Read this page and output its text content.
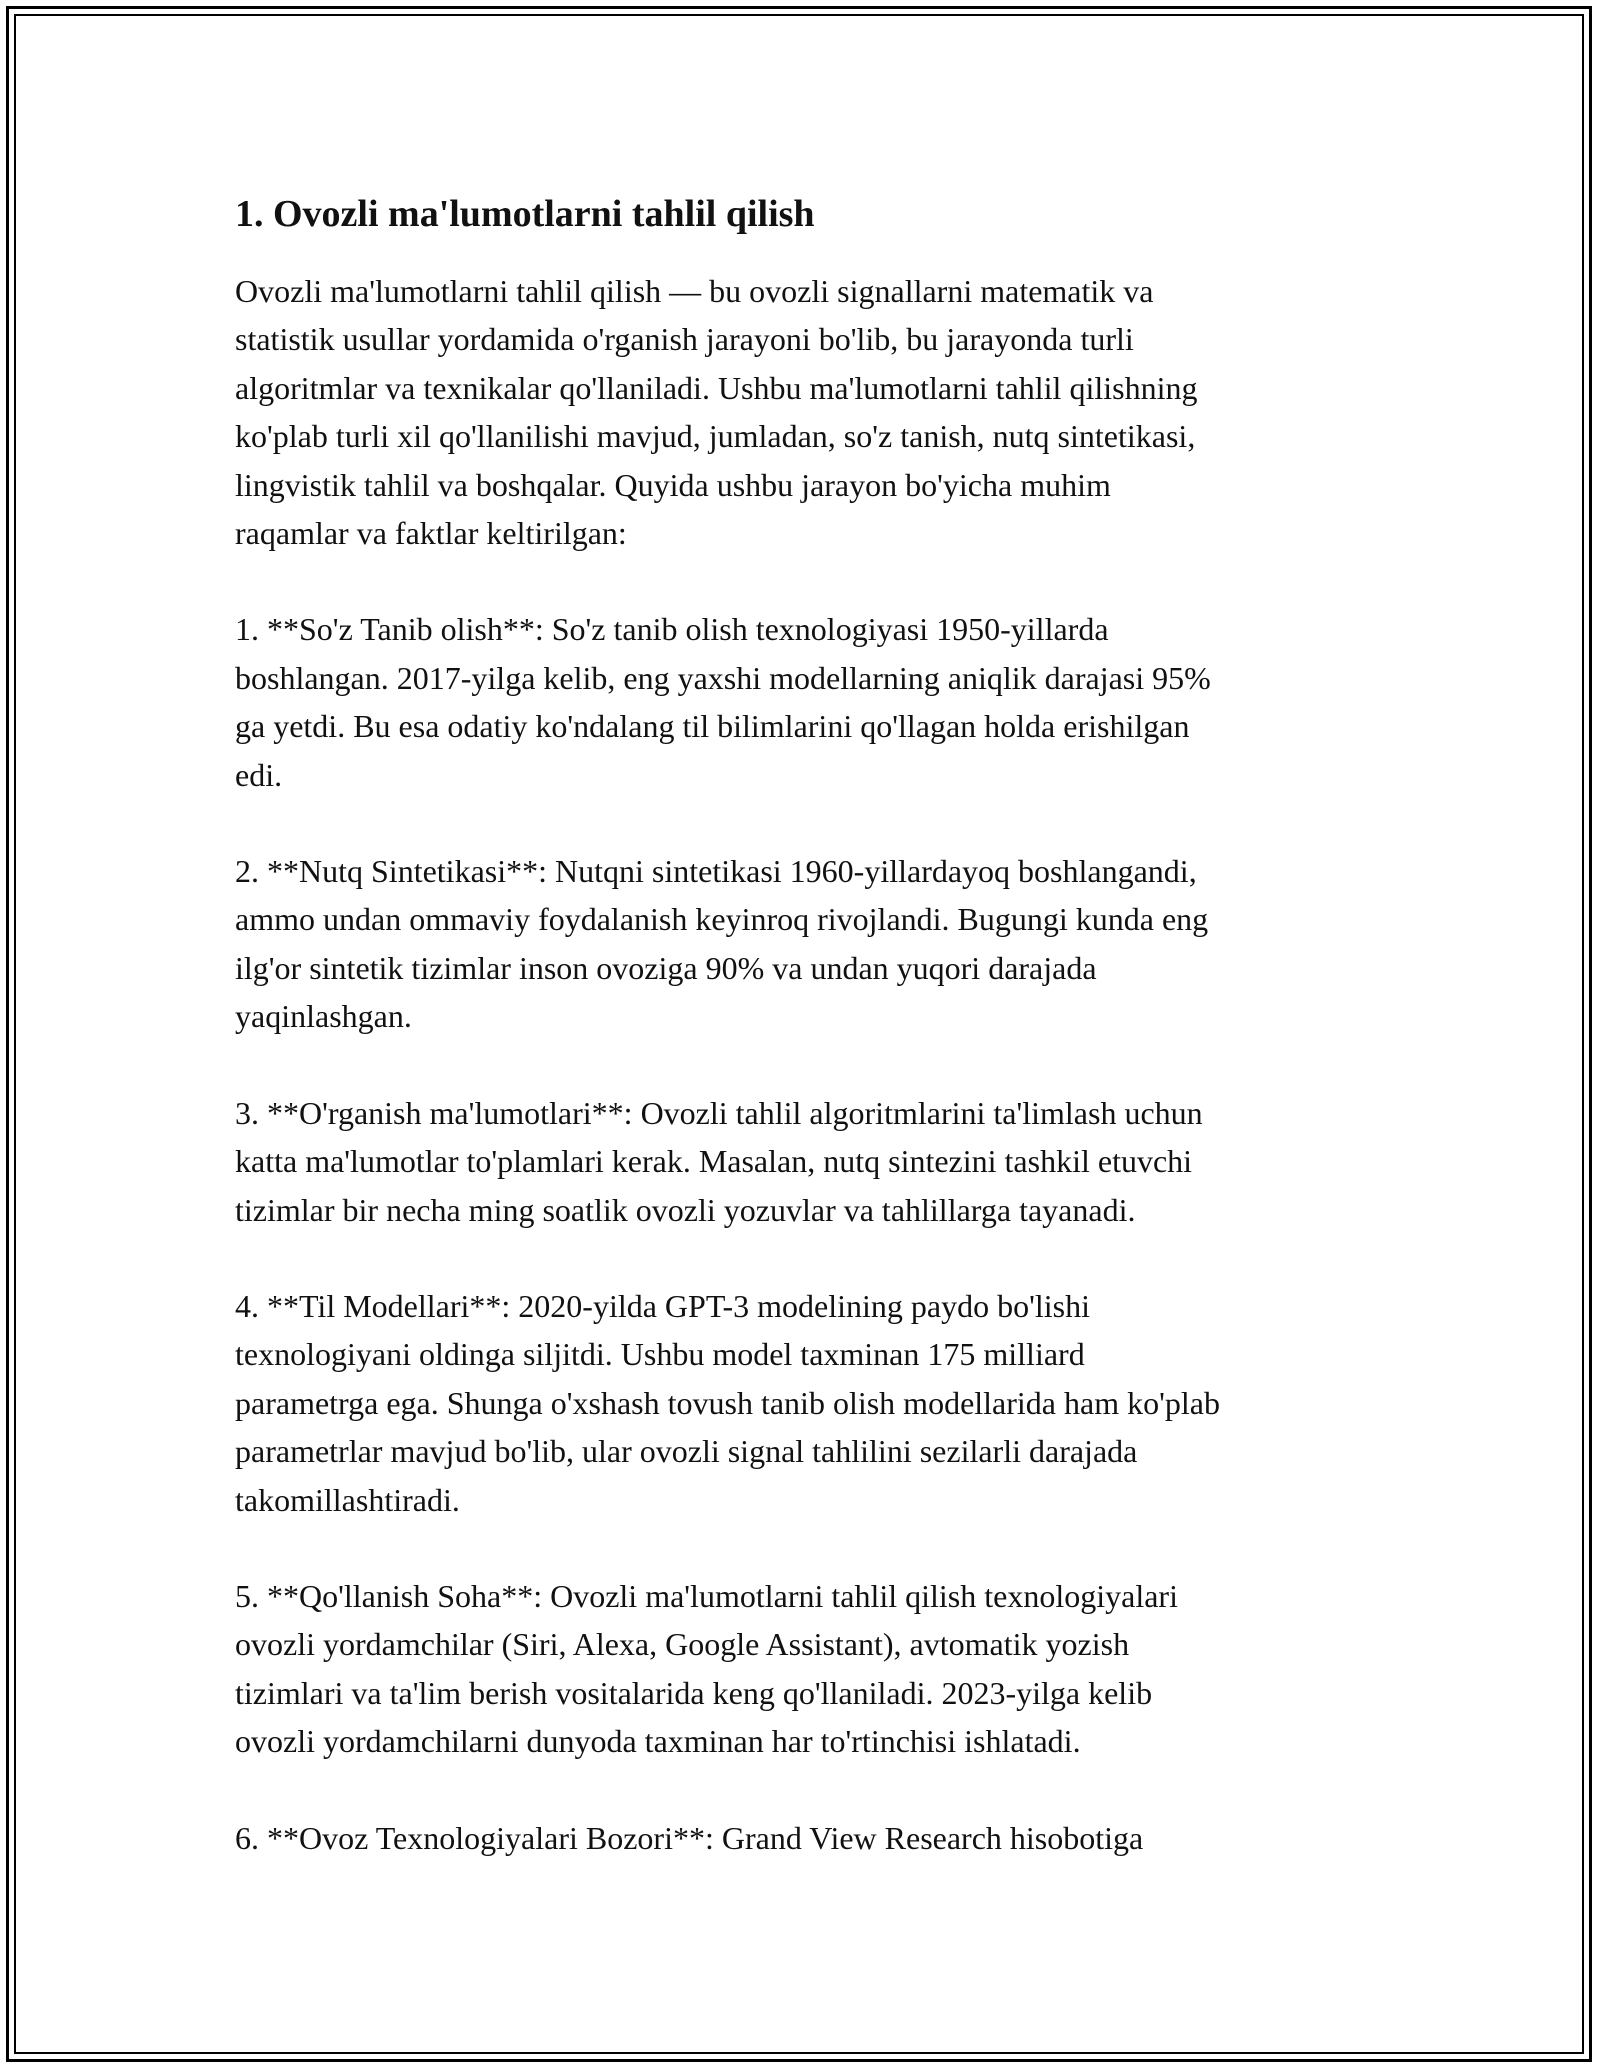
1. Ovozli ma'lumotlarni tahlil qilish

Ovozli ma'lumotlarni tahlil qilish — bu ovozli signallarni matematik va
statistik usullar yordamida o'rganish jarayoni bo'lib, bu jarayonda turli
algoritmlar va texnikalar qo'llaniladi. Ushbu ma'lumotlarni tahlil qilishning
ko'plab turli xil qo'llanilishi mavjud, jumladan, so'z tanish, nutq sintetikasi,
lingvistik tahlil va boshqalar. Quyida ushbu jarayon bo'yicha muhim
raqamlar va faktlar keltirilgan:

1. **So'z Tanib olish**: So'z tanib olish texnologiyasi 1950-yillarda
boshlangan. 2017-yilga kelib, eng yaxshi modellarning aniqlik darajasi 95%
ga yetdi. Bu esa odatiy ko'ndalang til bilimlarini qo'llagan holda erishilgan
edi.

2. **Nutq Sintetikasi**: Nutqni sintetikasi 1960-yillardayoq boshlangandi,
ammo undan ommaviy foydalanish keyinroq rivojlandi. Bugungi kunda eng
ilg'or sintetik tizimlar inson ovoziga 90% va undan yuqori darajada
yaqinlashgan.

3. **O'rganish ma'lumotlari**: Ovozli tahlil algoritmlarini ta'limlash uchun
katta ma'lumotlar to'plamlari kerak. Masalan, nutq sintezini tashkil etuvchi
tizimlar bir necha ming soatlik ovozli yozuvlar va tahlillarga tayanadi.

4. **Til Modellari**: 2020-yilda GPT-3 modelining paydo bo'lishi
texnologiyani oldinga siljitdi. Ushbu model taxminan 175 milliard
parametrga ega. Shunga o'xshash tovush tanib olish modellarida ham ko'plab
parametrlar mavjud bo'lib, ular ovozli signal tahlilini sezilarli darajada
takomillashtiradi.

5. **Qo'llanish Soha**: Ovozli ma'lumotlarni tahlil qilish texnologiyalari
ovozli yordamchilar (Siri, Alexa, Google Assistant), avtomatik yozish
tizimlari va ta'lim berish vositalarida keng qo'llaniladi. 2023-yilga kelib
ovozli yordamchilarni dunyoda taxminan har to'rtinchisi ishlatadi.

6. **Ovoz Texnologiyalari Bozori**: Grand View Research hisobotiga
